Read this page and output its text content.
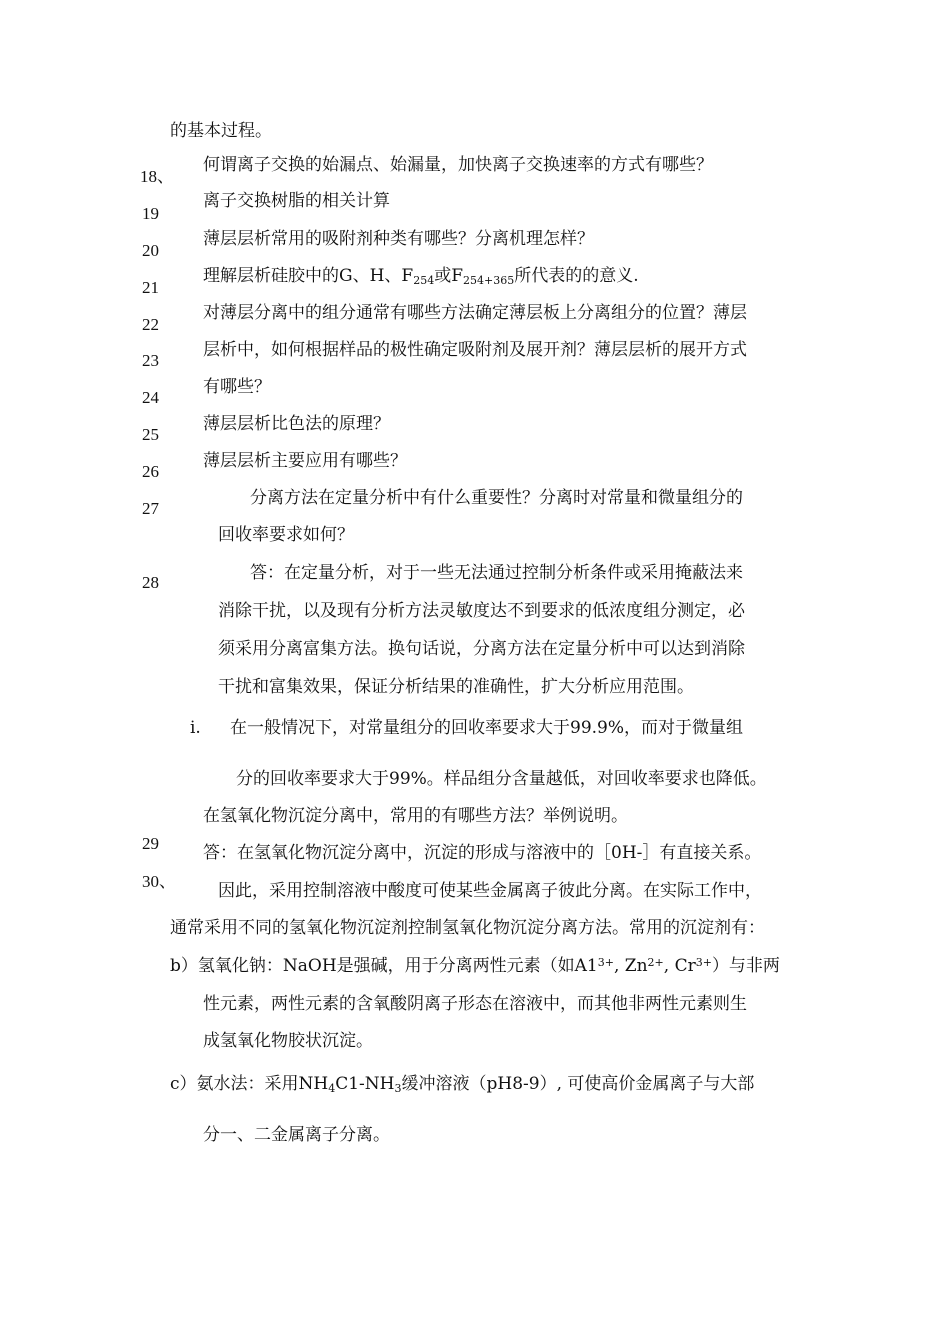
18、
19
20
21
22
23
24
25
26
27
28
29
30、
的基本过程。
何谓离子交换的始漏点、始漏量，加快离子交换速率的方式有哪些？
离子交换树脂的相关计算
薄层层析常用的吸附剂种类有哪些？分离机理怎样？
理解层析硅胶中的G、H、$F_{254}$或$F_{254+365}$所代表的的意义.
对薄层分离中的组分通常有哪些方法确定薄层板上分离组分的位置？薄层
层析中，如何根据样品的极性确定吸附剂及展开剂？薄层层析的展开方式
有哪些？
薄层层析比色法的原理？
薄层层析主要应用有哪些？
分离方法在定量分析中有什么重要性？分离时对常量和微量组分的
回收率要求如何？
答：在定量分析，对于一些无法通过控制分析条件或采用掩蔽法来
消除干扰，以及现有分析方法灵敏度达不到要求的低浓度组分测定，必
须采用分离富集方法。换句话说，分离方法在定量分析中可以达到消除
干扰和富集效果，保证分析结果的准确性，扩大分析应用范围。
i. 在一般情况下，对常量组分的回收率要求大于99.9%，而对于微量组
分的回收率要求大于99%。样品组分含量越低，对回收率要求也降低。
在氢氧化物沉淀分离中，常用的有哪些方法？举例说明。
答：在氢氧化物沉淀分离中，沉淀的形成与溶液中的［0H-］有直接关系。
因此，采用控制溶液中酸度可使某些金属离子彼此分离。在实际工作中，
通常采用不同的氢氧化物沉淀剂控制氢氧化物沉淀分离方法。常用的沉淀剂有：
b）氢氧化钠：NaOH是强碱，用于分离两性元素（如$A1^{3+}$, $Zn^{2+}$, $Cr^{3+}$）与非两
性元素，两性元素的含氧酸阴离子形态在溶液中，而其他非两性元素则生
成氢氧化物胶状沉淀。
c）氨水法：采用$NH_4C1-NH_3$缓冲溶液（pH8-9）, 可使高价金属离子与大部
分一、二金属离子分离。
